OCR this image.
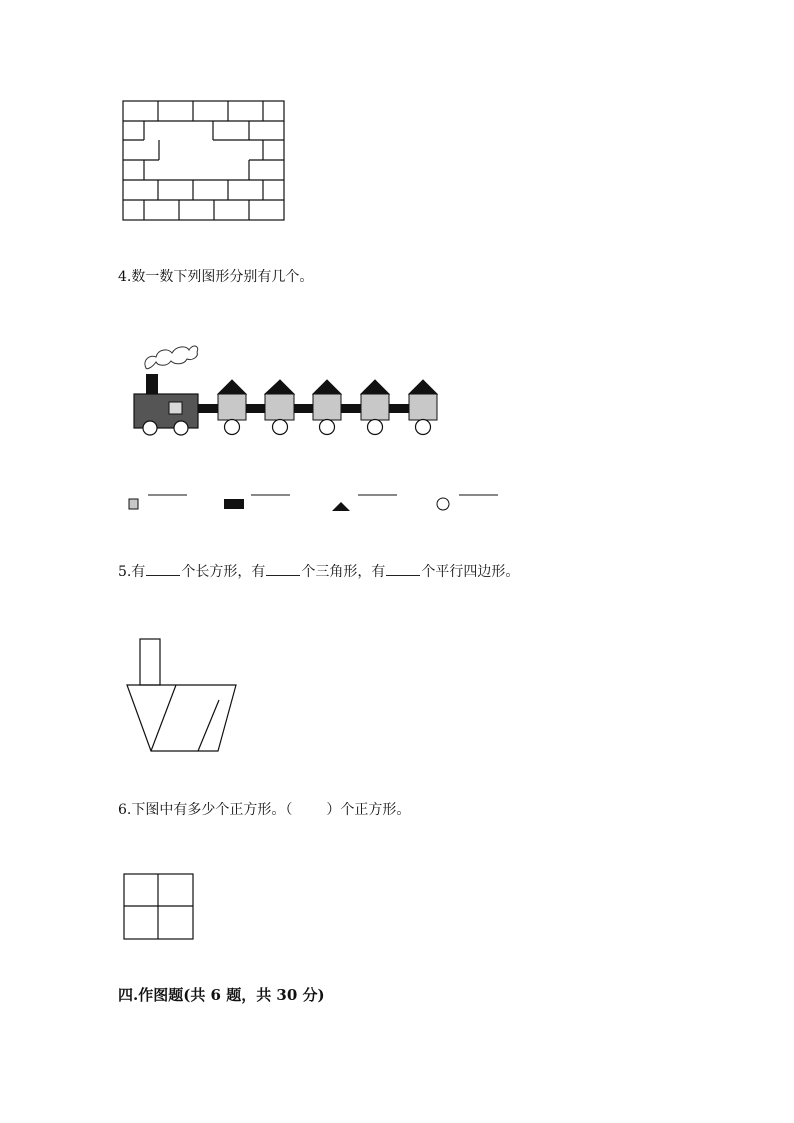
4.数一数下列图形分别有几个。
5.有	个长方形，有	个三角形，有	个平行四边形。
6.下图中有多少个正方形。（ ）个正方形。
四.作图题(共 6 题，共 30 分)
